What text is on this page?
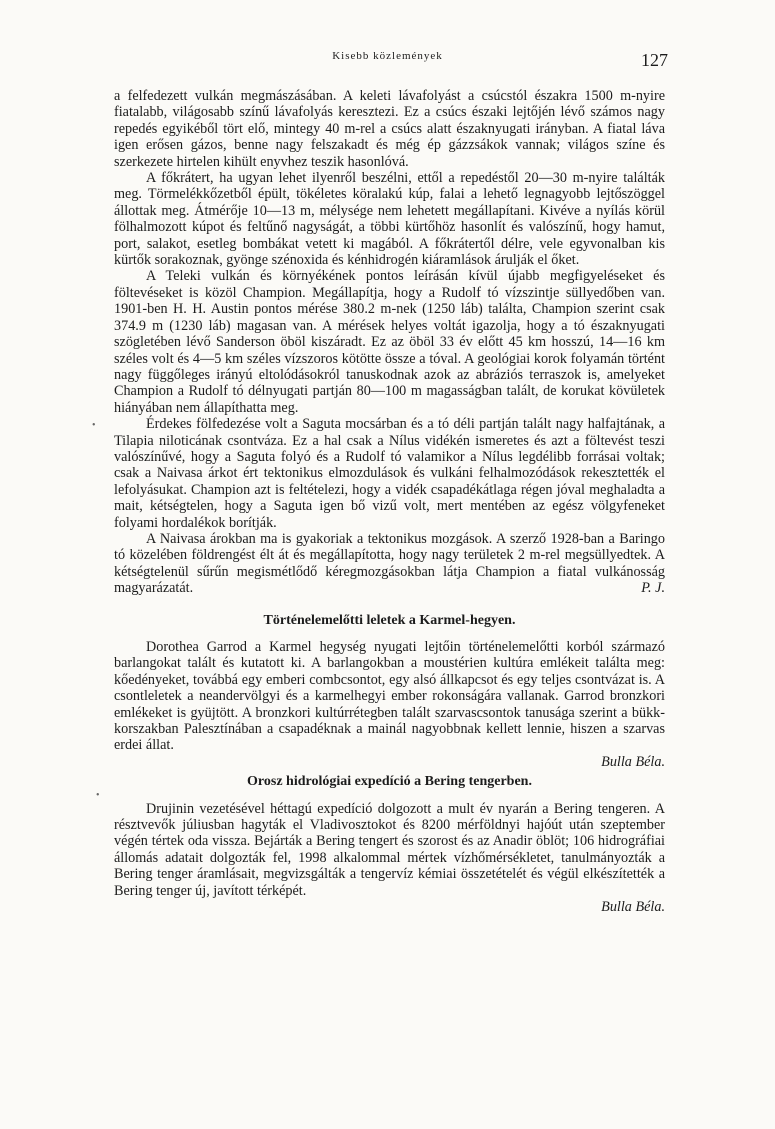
Kisebb közlemények	127
•
•

a felfedezett vulkán megmászásában. A keleti lávafolyást a csúcstól északra 1500 m-nyire fiatalabb, világosabb színű lávafolyás keresztezi. Ez a csúcs északi lejtőjén lévő számos nagy repedés egyikéből tört elő, mintegy 40 m-rel a csúcs alatt északnyugati irányban. A fiatal láva igen erősen gázos, benne nagy felszakadt és még ép gázzsákok vannak; világos színe és szerkezete hirtelen kihült enyvhez teszik hasonlóvá.

A főkrátert, ha ugyan lehet ilyenről beszélni, ettől a repedéstől 20—30 m-nyire találták meg. Törmelékkőzetből épült, tökéletes köralakú kúp, falai a lehető legnagyobb lejtőszöggel állottak meg. Átmérője 10—13 m, mélysége nem lehetett megállapítani. Kivéve a nyílás körül fölhalmozott kúpot és feltűnő nagyságát, a többi kürtőhöz hasonlít és valószínű, hogy hamut, port, salakot, esetleg bombákat vetett ki magából. A főkrátertől délre, vele egyvonalban kis kürtők sorakoznak, gyönge szénoxida és kénhidrogén kiáramlások árulják el őket.

A Teleki vulkán és környékének pontos leírásán kívül újabb megfigyeléseket és föltevéseket is közöl Champion. Megállapítja, hogy a Rudolf tó vízszintje süllyedőben van. 1901-ben H. H. Austin pontos mérése 380.2 m-nek (1250 láb) találta, Champion szerint csak 374.9 m (1230 láb) magasan van. A mérések helyes voltát igazolja, hogy a tó északnyugati szögletében lévő Sanderson öböl kiszáradt. Ez az öböl 33 év előtt 45 km hosszú, 14—16 km széles volt és 4—5 km széles vízszoros kötötte össze a tóval. A geológiai korok folyamán történt nagy függőleges irányú eltolódásokról tanuskodnak azok az abráziós terraszok is, amelyeket Champion a Rudolf tó délnyugati partján 80—100 m magasságban talált, de korukat kövületek hiányában nem állapíthatta meg.

Érdekes fölfedezése volt a Saguta mocsárban és a tó déli partján talált nagy halfajtának, a Tilapia niloticának csontváza. Ez a hal csak a Nílus vidékén ismeretes és azt a föltevést teszi valószínűvé, hogy a Saguta folyó és a Rudolf tó valamikor a Nílus legdélibb forrásai voltak; csak a Naivasa árkot ért tektonikus elmozdulások és vulkáni felhalmozódások rekesztették el lefolyásukat. Champion azt is feltételezi, hogy a vidék csapadékátlaga régen jóval meghaladta a mait, kétségtelen, hogy a Saguta igen bő vizű volt, mert mentében az egész völgyfeneket folyami hordalékok borítják.

A Naivasa árokban ma is gyakoriak a tektonikus mozgások. A szerző 1928-ban a Baringo tó közelében földrengést élt át és megállapította, hogy nagy területek 2 m-rel megsüllyedtek. A kétségtelenül sűrűn megismétlődő kéregmozgásokban látja Champion a fiatal vulkánosság magyarázatát.	P. J.

Történelemelőtti leletek a Karmel-hegyen.

Dorothea Garrod a Karmel hegység nyugati lejtőin történelemelőtti korból származó barlangokat talált és kutatott ki. A barlangokban a moustérien kultúra emlékeit találta meg: kőedényeket, továbbá egy emberi combcsontot, egy alsó állkapcsot és egy teljes csontvázat is. A csontleletek a neandervölgyi és a karmelhegyi ember rokonságára vallanak. Garrod bronzkori emlékeket is gyüjtött. A bronzkori kultúrrétegben talált szarvascsontok tanusága szerint a bükk-korszakban Palesztínában a csapadéknak a mainál nagyobbnak kellett lennie, hiszen a szarvas erdei állat.

Bulla Béla.

Orosz hidrológiai expedíció a Bering tengerben.

Drujinin vezetésével héttagú expedíció dolgozott a mult év nyarán a Bering tengeren. A résztvevők júliusban hagyták el Vladivosztokot és 8200 mérföldnyi hajóút után szeptember végén tértek oda vissza. Bejárták a Bering tengert és szorost és az Anadir öblöt; 106 hidrográfiai állomás adatait dolgozták fel, 1998 alkalommal mértek vízhőmérsékletet, tanulmányozták a Bering tenger áramlásait, megvizsgálták a tengervíz kémiai összetételét és végül elkészítették a Bering tenger új, javított térképét.

Bulla Béla.
